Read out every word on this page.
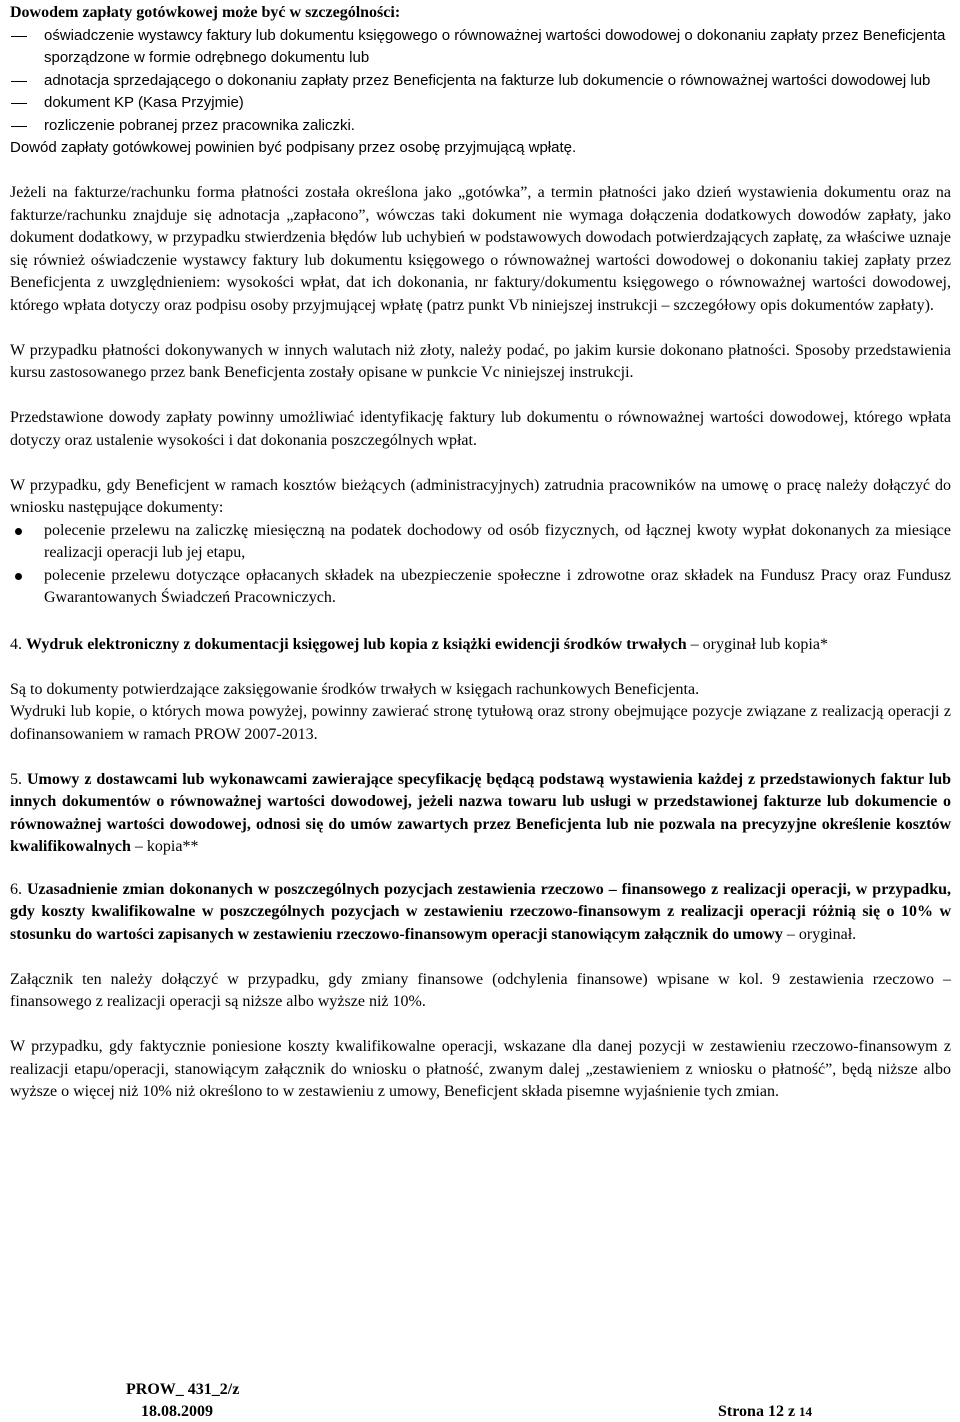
Dowodem zapłaty gotówkowej może być w szczególności:

oświadczenie wystawcy faktury lub dokumentu księgowego o równoważnej wartości dowodowej o dokonaniu zapłaty przez Beneficjenta sporządzone w formie odrębnego dokumentu lub

adnotacja sprzedającego o dokonaniu zapłaty przez Beneficjenta na fakturze lub dokumencie o równoważnej wartości dowodowej lub

dokument KP (Kasa Przyjmie)

rozliczenie pobranej przez pracownika zaliczki.

Dowód zapłaty gotówkowej powinien być podpisany przez osobę przyjmującą wpłatę.

Jeżeli na fakturze/rachunku forma płatności została określona jako „gotówka”, a termin płatności jako dzień wystawienia dokumentu oraz na fakturze/rachunku znajduje się adnotacja „zapłacono”, wówczas taki dokument nie wymaga dołączenia dodatkowych dowodów zapłaty, jako dokument dodatkowy, w przypadku stwierdzenia błędów lub uchybień w podstawowych dowodach potwierdzających zapłatę, za właściwe uznaje się również oświadczenie wystawcy faktury lub dokumentu księgowego o równoważnej wartości dowodowej o dokonaniu takiej zapłaty przez Beneficjenta z uwzględnieniem: wysokości wpłat, dat ich dokonania, nr faktury/dokumentu księgowego o równoważnej wartości dowodowej, którego wpłata dotyczy oraz podpisu osoby przyjmującej wpłatę (patrz punkt Vb niniejszej instrukcji – szczegółowy opis dokumentów zapłaty).

W przypadku płatności dokonywanych w innych walutach niż złoty, należy podać, po jakim kursie dokonano płatności. Sposoby przedstawienia kursu zastosowanego przez bank Beneficjenta zostały opisane w punkcie Vc niniejszej instrukcji.

Przedstawione dowody zapłaty powinny umożliwiać identyfikację faktury lub dokumentu o równoważnej wartości dowodowej, którego wpłata dotyczy oraz ustalenie wysokości i dat dokonania poszczególnych wpłat.

W przypadku, gdy Beneficjent w ramach kosztów bieżących (administracyjnych) zatrudnia pracowników na umowę o pracę należy dołączyć do wniosku następujące dokumenty:

polecenie przelewu na zaliczkę miesięczną na podatek dochodowy od osób fizycznych, od łącznej kwoty wypłat dokonanych za miesiące realizacji operacji lub jej etapu,

polecenie przelewu dotyczące opłacanych składek na ubezpieczenie społeczne i zdrowotne oraz składek na Fundusz Pracy oraz Fundusz Gwarantowanych Świadczeń Pracowniczych.

4. Wydruk elektroniczny z dokumentacji księgowej lub kopia z książki ewidencji środków trwałych – oryginał lub kopia*

Są to dokumenty potwierdzające zaksięgowanie środków trwałych w księgach rachunkowych Beneficjenta.

Wydruki lub kopie, o których mowa powyżej, powinny zawierać stronę tytułową oraz strony obejmujące pozycje związane z realizacją operacji z dofinansowaniem w ramach PROW 2007-2013.

5. Umowy z dostawcami lub wykonawcami zawierające specyfikację będącą podstawą wystawienia każdej z przedstawionych faktur lub innych dokumentów o równoważnej wartości dowodowej, jeżeli nazwa towaru lub usługi w przedstawionej fakturze lub dokumencie o równoważnej wartości dowodowej, odnosi się do umów zawartych przez Beneficjenta lub nie pozwala na precyzyjne określenie kosztów kwalifikowalnych – kopia**

6. Uzasadnienie zmian dokonanych w poszczególnych pozycjach zestawienia rzeczowo – finansowego z realizacji operacji, w przypadku, gdy koszty kwalifikowalne w poszczególnych pozycjach w zestawieniu rzeczowo-finansowym z realizacji operacji różnią się o 10% w stosunku do wartości zapisanych w zestawieniu rzeczowo-finansowym operacji stanowiącym załącznik do umowy – oryginał.

Załącznik ten należy dołączyć w przypadku, gdy zmiany finansowe (odchylenia finansowe) wpisane w kol. 9 zestawienia rzeczowo – finansowego z realizacji operacji są niższe albo wyższe niż 10%.

W przypadku, gdy faktycznie poniesione koszty kwalifikowalne operacji, wskazane dla danej pozycji w zestawieniu rzeczowo-finansowym z realizacji etapu/operacji, stanowiącym załącznik do wniosku o płatność, zwanym dalej „zestawieniem z wniosku o płatność”, będą niższe albo wyższe o więcej niż 10% niż określono to w zestawieniu z umowy, Beneficjent składa pisemne wyjaśnienie tych zmian.

PROW_ 431_2/z
18.08.2009	Strona 12 z 14
